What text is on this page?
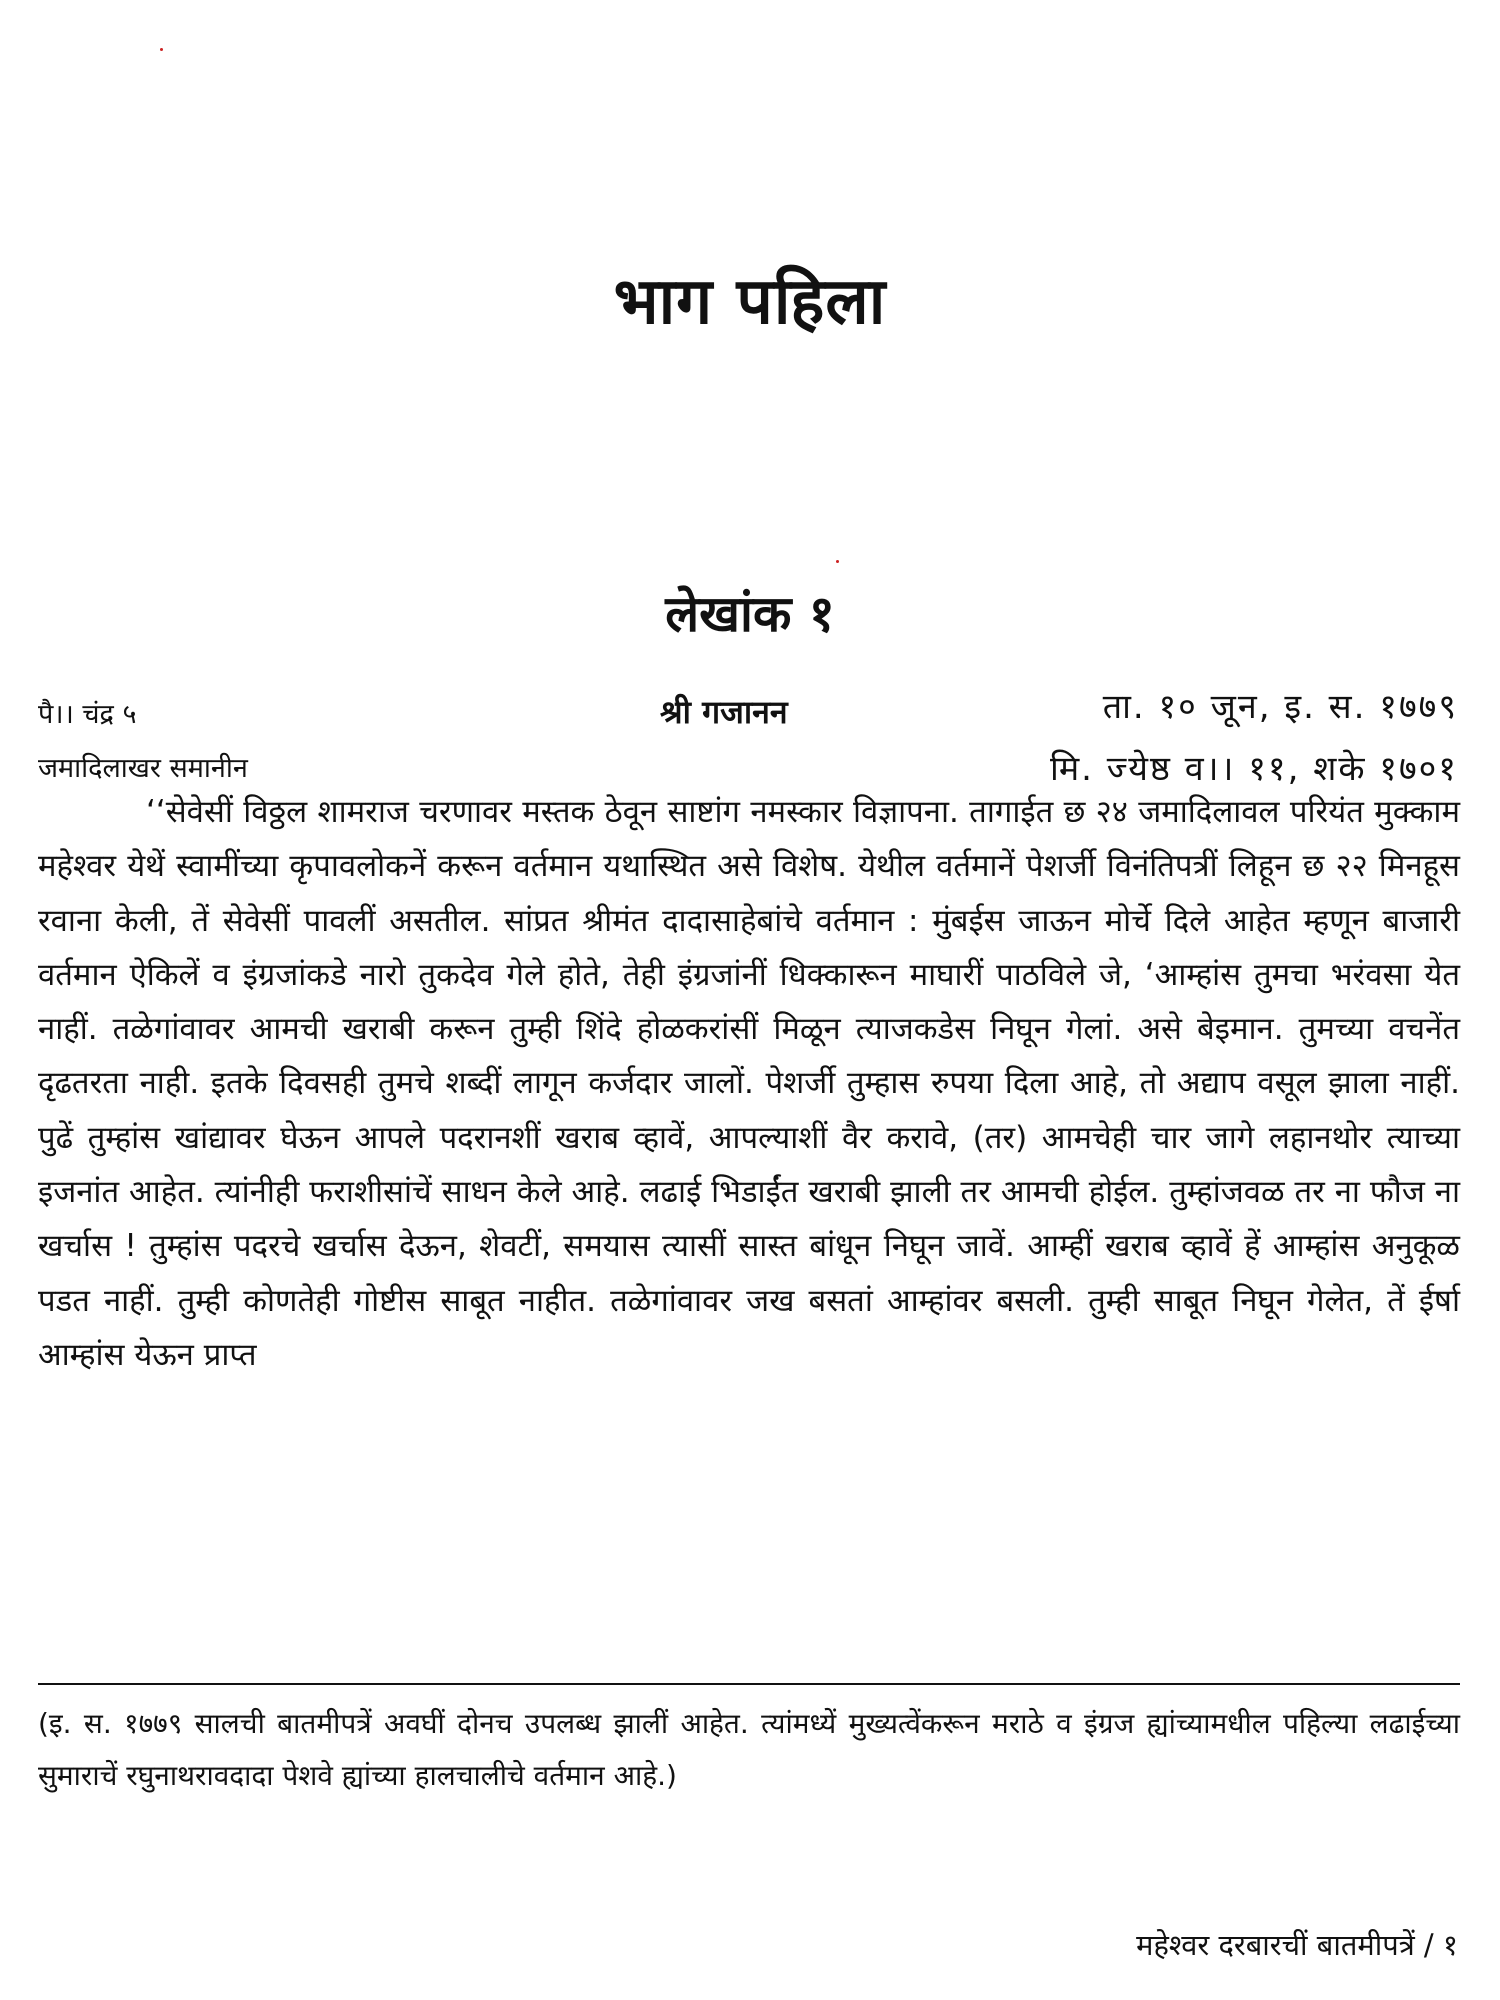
भाग पहिला
लेखांक १
पै।। चंद्र ५
जमादिलाखर समानीन
श्री गजानन	ता. १० जून, इ. स. १७७९
मि. ज्येष्ठ व।। ११, शके १७०१

‘‘सेवेसीं विठ्ठल शामराज चरणावर मस्तक ठेवून साष्टांग नमस्कार विज्ञापना. तागाईत छ २४ जमादिलावल परियंत मुक्काम महेश्वर येथें स्वामींच्या कृपावलोकनें करून वर्तमान यथास्थित असे विशेष. येथील वर्तमानें पेशर्जी विनंतिपत्रीं लिहून छ २२ मिनहूस रवाना केली, तें सेवेसीं पावलीं असतील. सांप्रत श्रीमंत दादासाहेबांचे वर्तमान : मुंबईस जाऊन मोर्चे दिले आहेत म्हणून बाजारी वर्तमान ऐकिलें व इंग्रजांकडे नारो तुकदेव गेले होते, तेही इंग्रजांनीं धिक्कारून माघारीं पाठविले जे, ‘आम्हांस तुमचा भरंवसा येत नाहीं. तळेगांवावर आमची खराबी करून तुम्ही शिंदे होळकरांसीं मिळून त्याजकडेस निघून गेलां. असे बेइमान. तुमच्या वचनेंत दृढतरता नाही. इतके दिवसही तुमचे शब्दीं लागून कर्जदार जालों. पेशर्जी तुम्हास रुपया दिला आहे, तो अद्याप वसूल झाला नाहीं. पुढें तुम्हांस खांद्यावर घेऊन आपले पदरानशीं खराब व्हावें, आपल्याशीं वैर करावे, (तर) आमचेही चार जागे लहानथोर त्याच्या इजनांत आहेत. त्यांनीही फराशीसांचें साधन केले आहे. लढाई भिडाईंत खराबी झाली तर आमची होईल. तुम्हांजवळ तर ना फौज ना खर्चास ! तुम्हांस पदरचे खर्चास देऊन, शेवटीं, समयास त्यासीं सास्त बांधून निघून जावें. आम्हीं खराब व्हावें हें आम्हांस अनुकूळ पडत नाहीं. तुम्ही कोणतेही गोष्टीस साबूत नाहीत. तळेगांवावर जख बसतां आम्हांवर बसली. तुम्ही साबूत निघून गेलेत, तें ईर्षा आम्हांस येऊन प्राप्त

(इ. स. १७७९ सालची बातमीपत्रें अवघीं दोनच उपलब्ध झालीं आहेत. त्यांमध्यें मुख्यत्वेंकरून मराठे व इंग्रज ह्यांच्यामधील पहिल्या लढाईच्या सुमाराचें रघुनाथरावदादा पेशवे ह्यांच्या हालचालीचे वर्तमान आहे.)

महेश्वर दरबारचीं बातमीपत्रें / १
